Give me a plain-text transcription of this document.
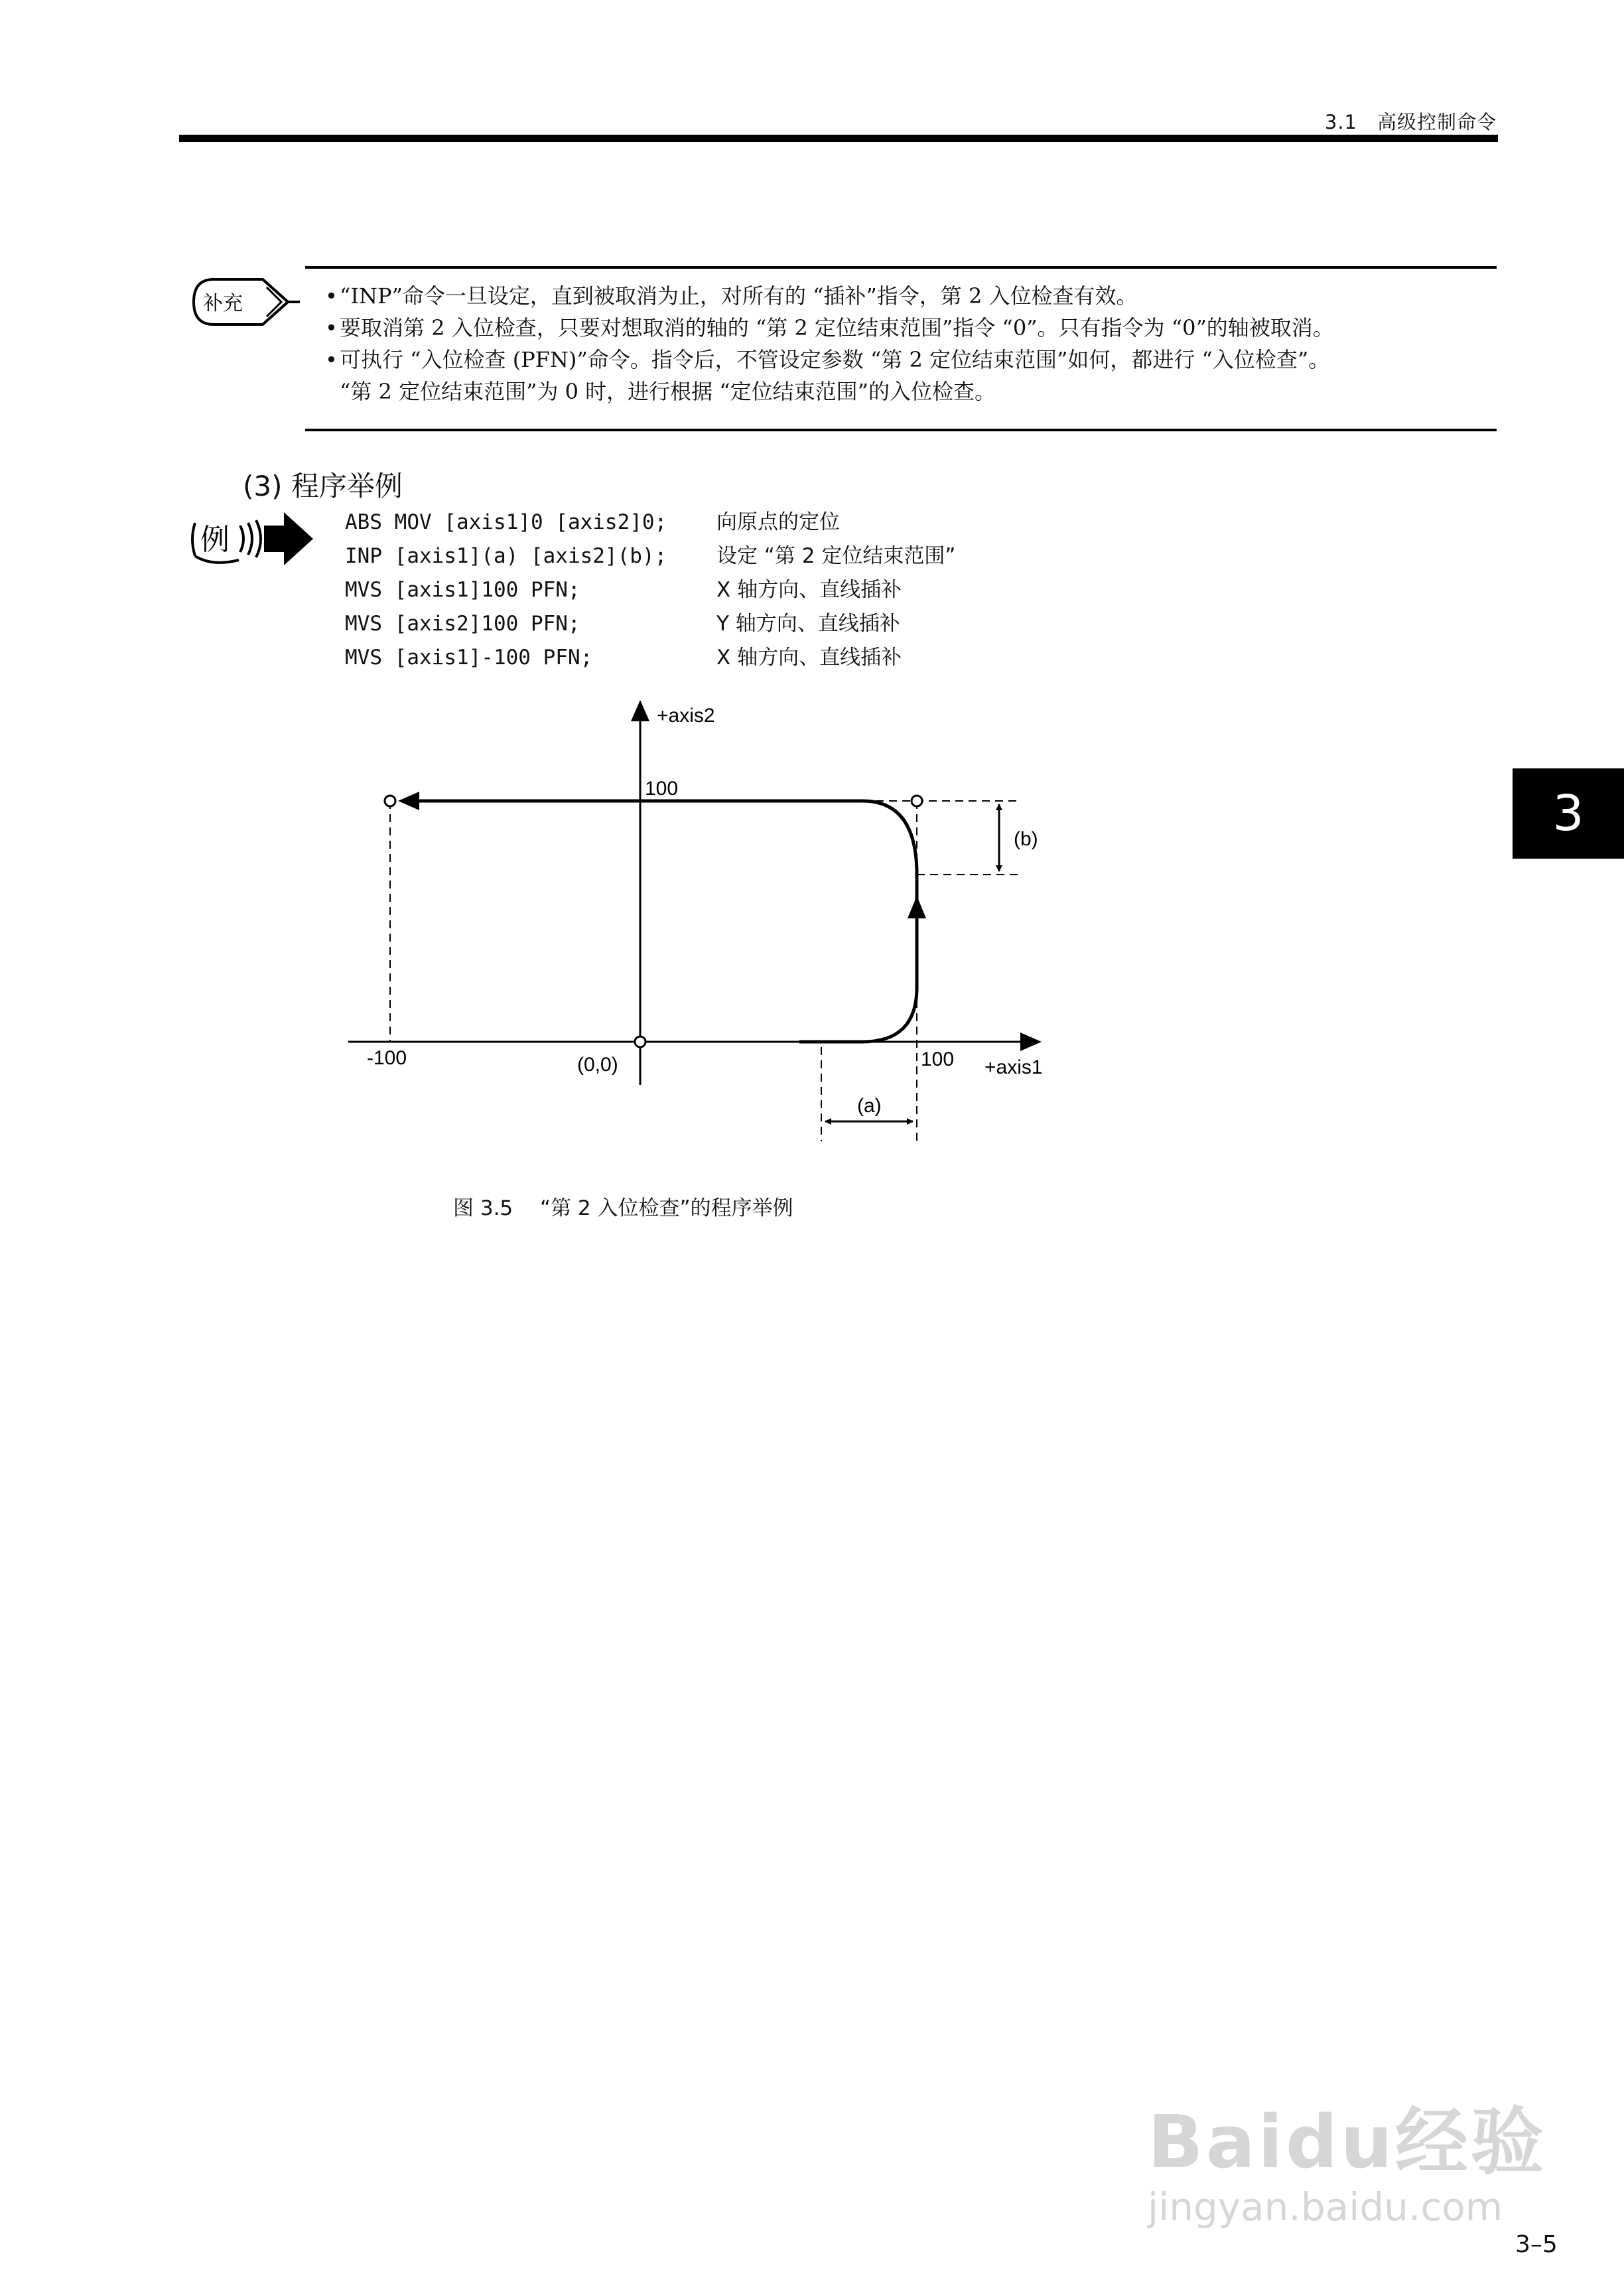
3.1　高级控制命令
3
补充	• “INP”命令一旦设定，直到被取消为止，对所有的 “插补”指令，第 2 入位检查有效。
• 要取消第 2 入位检查，只要对想取消的轴的 “第 2 定位结束范围”指令 “0”。只有指令为 “0”的轴被取消。
• 可执行 “入位检查 (PFN)”命令。指令后，不管设定参数 “第 2 定位结束范围”如何，都进行 “入位检查”。
“第 2 定位结束范围”为 0 时，进行根据 “定位结束范围”的入位检查。
(3) 程序举例
例
ABS MOV [axis1]0 [axis2]0;	向原点的定位
INP [axis1](a) [axis2](b);	设定 “第 2 定位结束范围”
MVS [axis1]100 PFN;	X 轴方向、直线插补
MVS [axis2]100 PFN;	Y 轴方向、直线插补
MVS [axis1]-100 PFN;	X 轴方向、直线插补
+axis2
100
(b)
-100	(0,0)	100 +axis1
(a)
图 3.5　 “第 2 入位检查”的程序举例
Baidu经验
jingyan.baidu.com
3–5
